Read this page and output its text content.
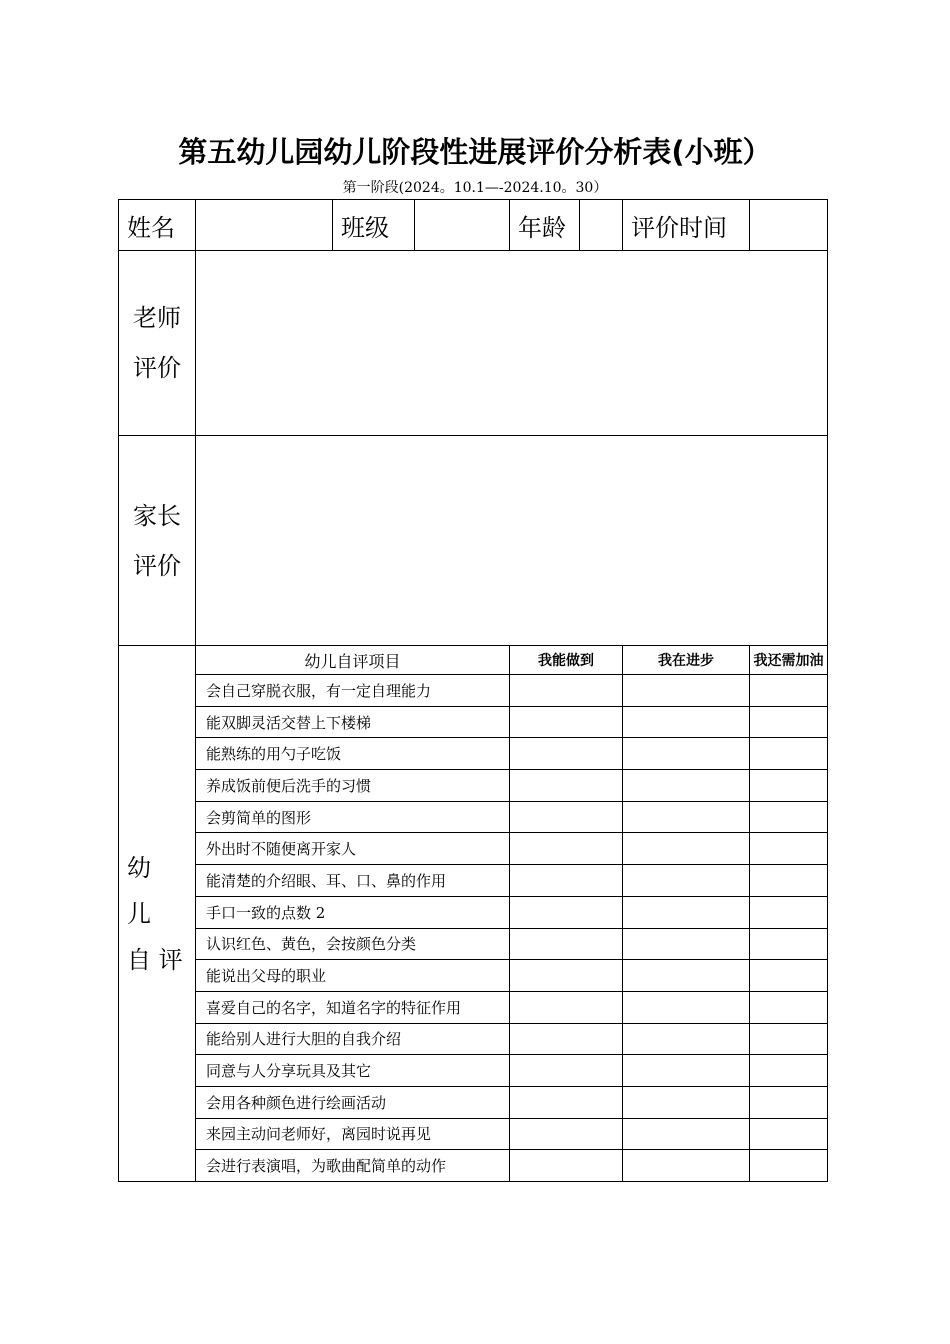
第五幼儿园幼儿阶段性进展评价分析表(小班）
第一阶段(2024。10.1—-2024.10。30）
姓名		班级		年龄		评价时间	

老师
评价							

家长
评价							

幼
儿
自 评	幼儿自评项目			我能做到		我在进步	我还需加油
	会自己穿脱衣服，有一定自理能力						
	能双脚灵活交替上下楼梯						
	能熟练的用勺子吃饭						
	养成饭前便后洗手的习惯						
	会剪简单的图形						
	外出时不随便离开家人						
	能清楚的介绍眼、耳、口、鼻的作用						
	手口一致的点数 2						
	认识红色、黄色，会按颜色分类						
	能说出父母的职业						
	喜爱自己的名字，知道名字的特征作用						
	能给别人进行大胆的自我介绍						
	同意与人分享玩具及其它						
	会用各种颜色进行绘画活动						
	来园主动问老师好，离园时说再见						
	会进行表演唱，为歌曲配简单的动作						
